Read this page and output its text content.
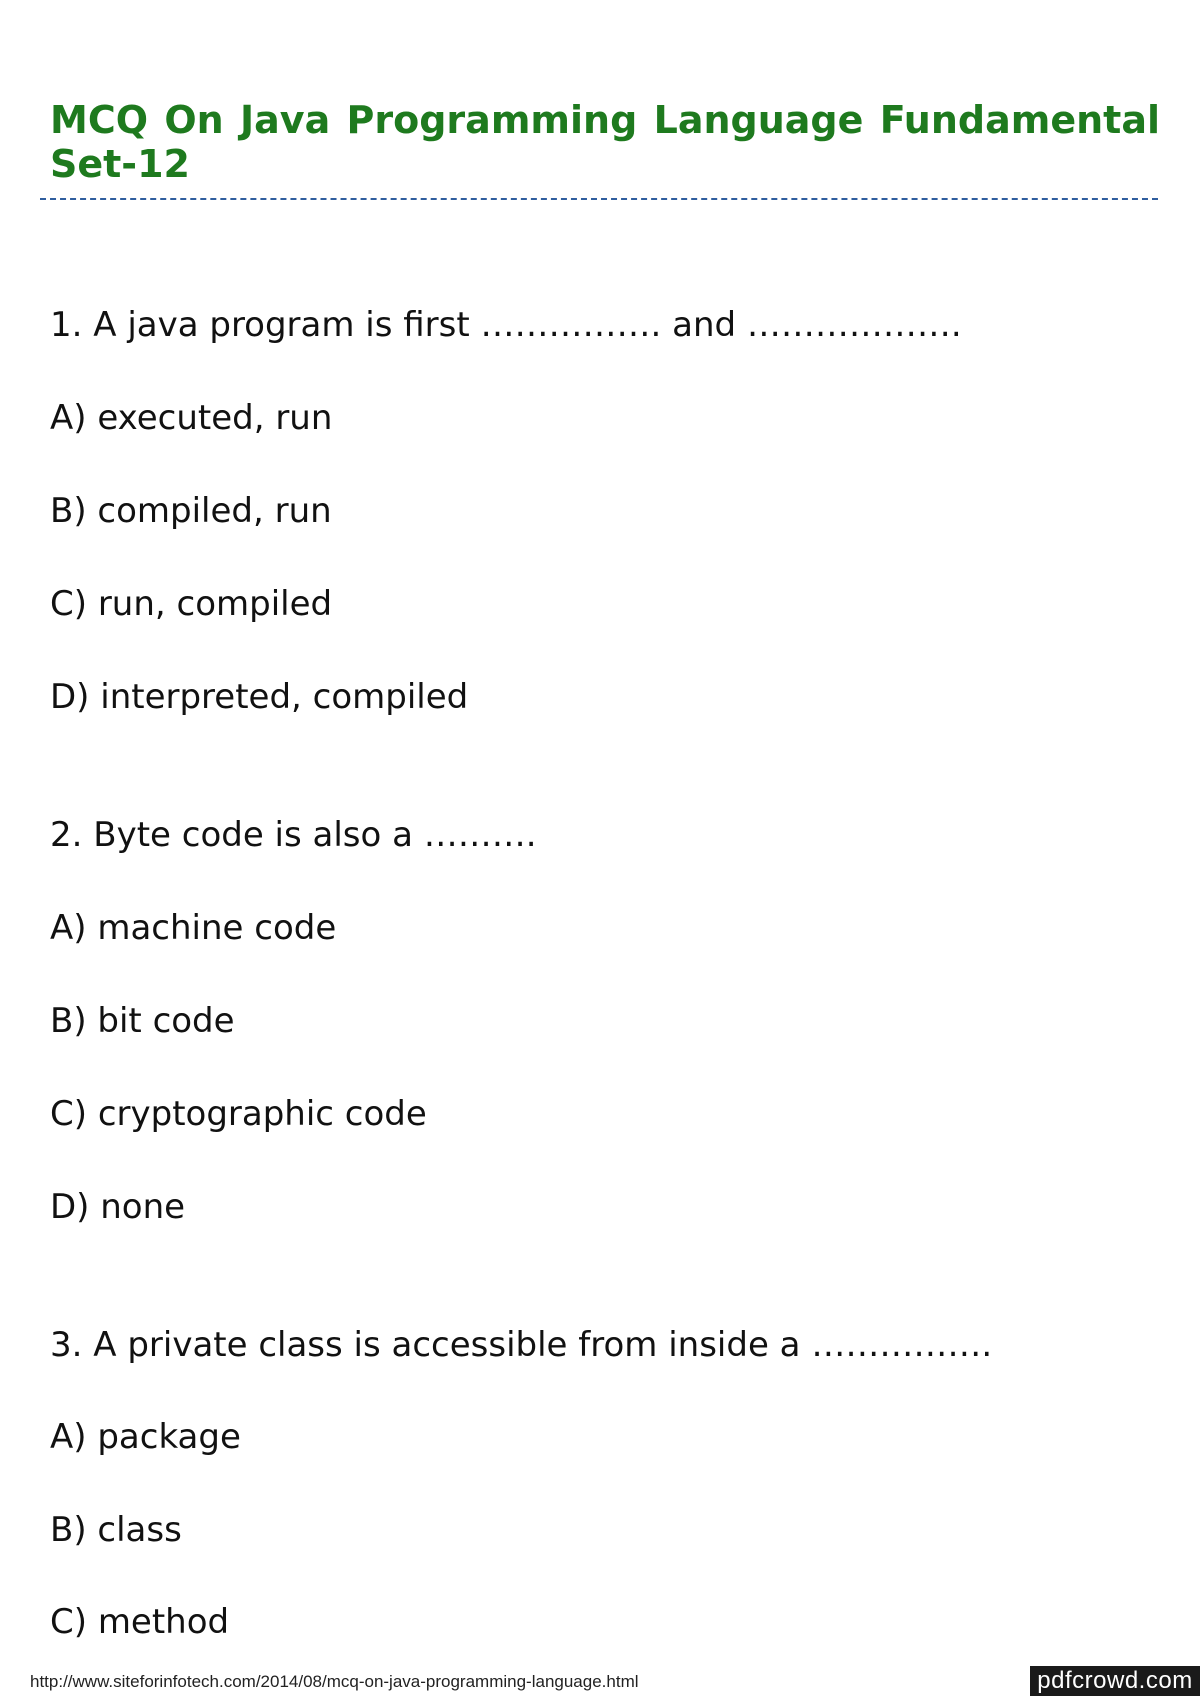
MCQ On Java Programming Language Fundamental Set-12
1. A java program is first ……………. and ……………….
A) executed, run
B) compiled, run
C) run, compiled
D) interpreted, compiled
2. Byte code is also a ……….
A) machine code
B) bit code
C) cryptographic code
D) none
3. A private class is accessible from inside a …………….
A) package
B) class
C) method
http://www.siteforinfotech.com/2014/08/mcq-on-java-programming-language.html	pdfcrowd.com
